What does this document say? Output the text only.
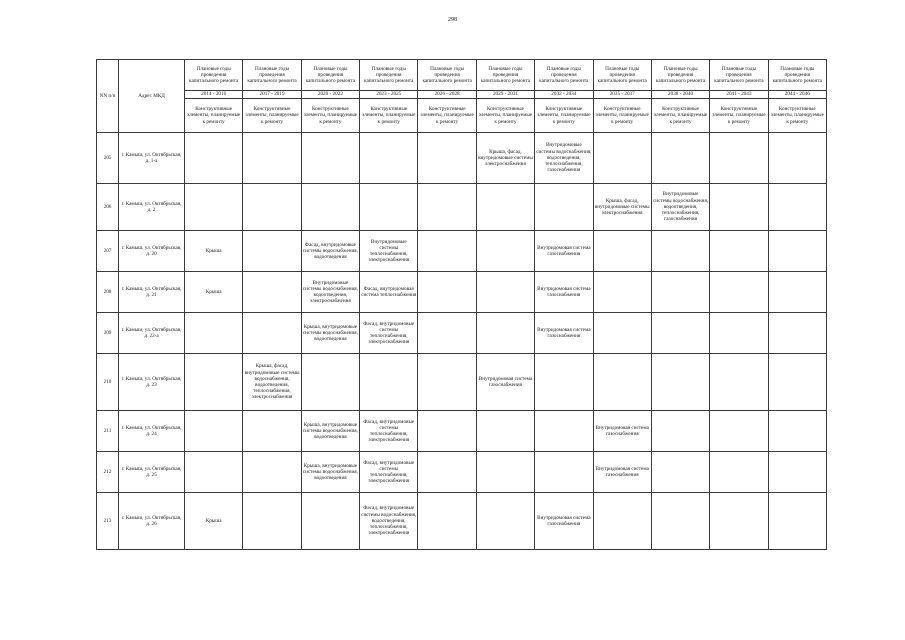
298
NN п/п	Адрес МКД	Плановые годы проведения капитального ремонта	Плановые годы проведения капитального ремонта	Плановые годы проведения капитального ремонта	Плановые годы проведения капитального ремонта	Плановые годы проведения капитального ремонта	Плановые годы проведения капитального ремонта	Плановые годы проведения капитального ремонта	Плановые годы проведения капитального ремонта	Плановые годы проведения капитального ремонта	Плановые годы проведения капитального ремонта	Плановые годы проведения капитального ремонта
		2014 - 2016	2017 - 2019	2020 - 2022	2023 - 2025	2026 - 2028	2029 - 2031	2032 - 2034	2035 - 2037	2038 - 2040	2041 - 2043	2044 - 2046
		Конструктивные элементы, планируемые к ремонту	Конструктивные элементы, планируемые к ремонту	Конструктивные элементы, планируемые к ремонту	Конструктивные элементы, планируемые к ремонту	Конструктивные элементы, планируемые к ремонту	Конструктивные элементы, планируемые к ремонту	Конструктивные элементы, планируемые к ремонту	Конструктивные элементы, планируемые к ремонту	Конструктивные элементы, планируемые к ремонту	Конструктивные элементы, планируемые к ремонту	Конструктивные элементы, планируемые к ремонту
205	г. Камыш, ул. Октябрьская, д. 1-а						Крыша, фасад, внутридомовые системы электроснабжения	Внутридомовые системы водоснабжения, водоотведения, теплоснабжения, газоснабжения				
206	г. Камыш, ул. Октябрьская, д. 2								Крыша, фасад, внутридомовые системы электроснабжения	Внутридомовые системы водоснабжения, водоотведения, теплоснабжения, газоснабжения		
207	г. Камыш, ул. Октябрьская, д. 20	Крыша		Фасад, внутридомовые системы водоснабжения, водоотведения	Внутридомовые системы теплоснабжения, электроснабжения			Внутридомовая система газоснабжения				
208	г. Камыш, ул. Октябрьская, д. 21	Крыша		Внутридомовые системы водоснабжения, водоотведения, электроснабжения	Фасад, внутридомовая система теплоснабжения			Внутридомовая система газоснабжения				
209	г. Камыш, ул. Октябрьская, д. 22-а			Крыша, внутридомовые системы водоснабжения, водоотведения	Фасад, внутридомовые системы теплоснабжения, электроснабжения			Внутридомовая система газоснабжения				
210	г. Камыш, ул. Октябрьская, д. 23		Крыша, фасад, внутридомовые системы водоснабжения, водоотведения, теплоснабжения, электроснабжения				Внутридомовая система газоснабжения					
211	г. Камыш, ул. Октябрьская, д. 24			Крыша, внутридомовые системы водоснабжения, водоотведения	Фасад, внутридомовые системы теплоснабжения, электроснабжения				Внутридомовая система газоснабжения			
212	г. Камыш, ул. Октябрьская, д. 25			Крыша, внутридомовые системы водоснабжения, водоотведения	Фасад, внутридомовые системы теплоснабжения, электроснабжения				Внутридомовая система газоснабжения			
213	г. Камыш, ул. Октябрьская, д. 26	Крыша			Фасад, внутридомовые системы водоснабжения, водоотведения, теплоснабжения, электроснабжения			Внутридомовая система газоснабжения				
